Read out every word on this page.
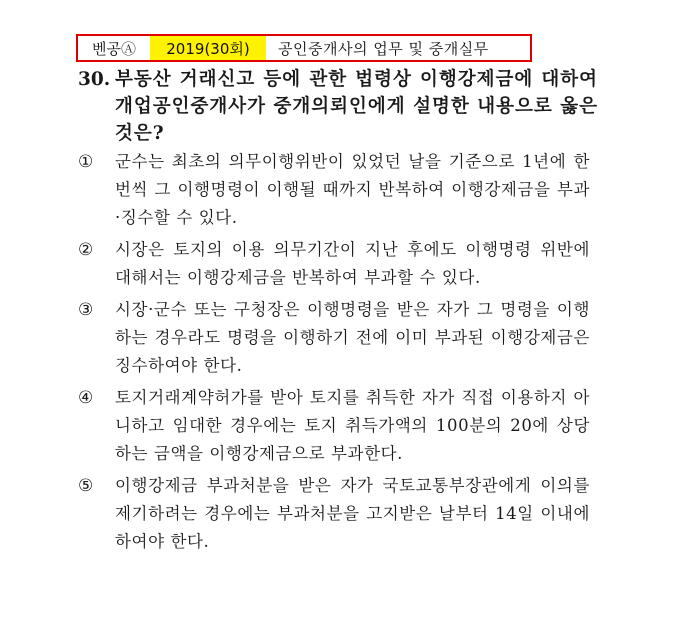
벤공Ⓐ	2019(30회)	공인중개사의 업무 및 중개실무
30. 부동산 거래신고 등에 관한 법령상 이행강제금에 대하여 개업공인중개사가 중개의뢰인에게 설명한 내용으로 옳은 것은?
① 군수는 최초의 의무이행위반이 있었던 날을 기준으로 1년에 한 번씩 그 이행명령이 이행될 때까지 반복하여 이행강제금을 부과·징수할 수 있다.
② 시장은 토지의 이용 의무기간이 지난 후에도 이행명령 위반에 대해서는 이행강제금을 반복하여 부과할 수 있다.
③ 시장·군수 또는 구청장은 이행명령을 받은 자가 그 명령을 이행하는 경우라도 명령을 이행하기 전에 이미 부과된 이행강제금은 징수하여야 한다.
④ 토지거래계약허가를 받아 토지를 취득한 자가 직접 이용하지 아니하고 임대한 경우에는 토지 취득가액의 100분의 20에 상당하는 금액을 이행강제금으로 부과한다.
⑤ 이행강제금 부과처분을 받은 자가 국토교통부장관에게 이의를 제기하려는 경우에는 부과처분을 고지받은 날부터 14일 이내에 하여야 한다.
